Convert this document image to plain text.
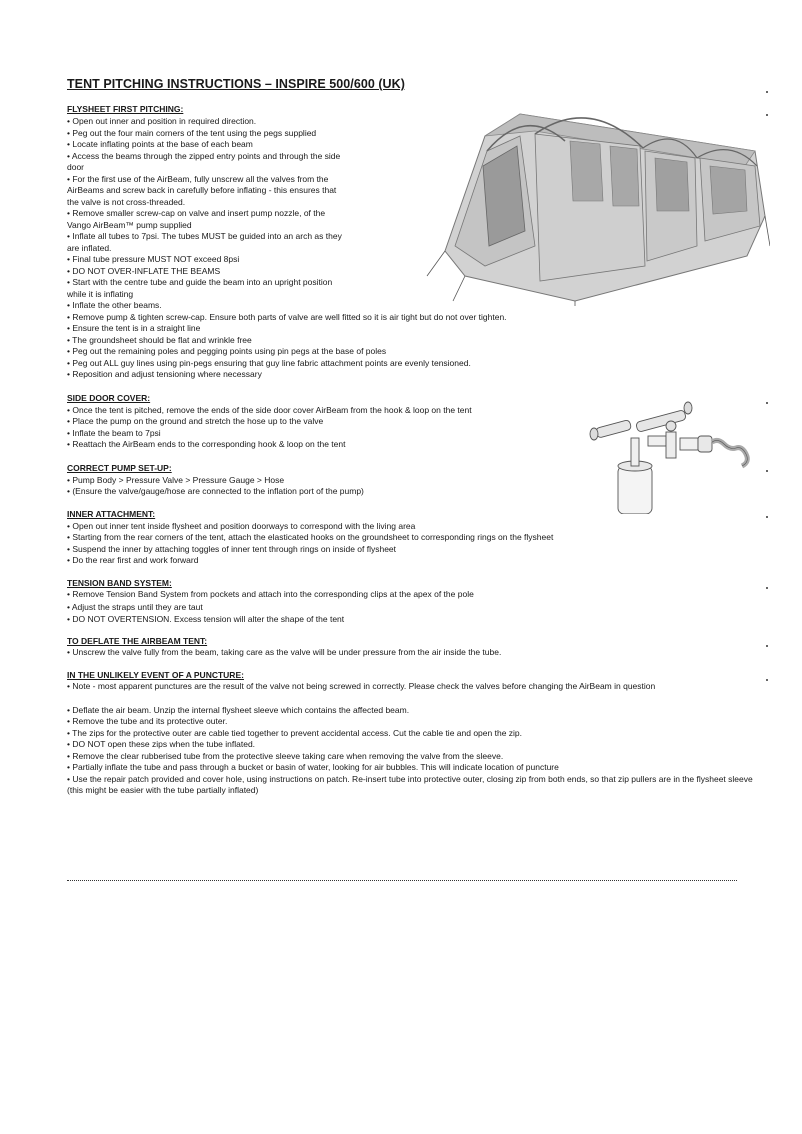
TENT PITCHING INSTRUCTIONS – INSPIRE 500/600 (UK)
FLYSHEET FIRST PITCHING:
• Open out inner and position in required direction.
• Peg out the four main corners of the tent using the pegs supplied
• Locate inflating points at the base of each beam
• Access the beams through the zipped entry points and through the side
door
• For the first use of the AirBeam, fully unscrew all the valves from the
AirBeams and screw back in carefully before inflating - this ensures that
the valve is not cross-threaded.
• Remove smaller screw-cap on valve and insert pump nozzle, of the
Vango AirBeam™ pump supplied
• Inflate all tubes to 7psi. The tubes MUST be guided into an arch as they
are inflated.
• Final tube pressure MUST NOT exceed 8psi
• DO NOT OVER-INFLATE THE BEAMS
• Start with the centre tube and guide the beam into an upright position
while it is inflating
• Inflate the other beams.
• Remove pump & tighten screw-cap. Ensure both parts of valve are well fitted so it is air tight but do not over tighten.
• Ensure the tent is in a straight line
• The groundsheet should be flat and wrinkle free
• Peg out the remaining poles and pegging points using pin pegs at the base of poles
• Peg out ALL guy lines using pin-pegs ensuring that guy line fabric attachment points are evenly tensioned.
• Reposition and adjust tensioning where necessary
SIDE DOOR COVER:
• Once the tent is pitched, remove the ends of the side door cover AirBeam from the hook & loop on the tent
• Place the pump on the ground and stretch the hose up to the valve
• Inflate the beam to 7psi
• Reattach the AirBeam ends to the corresponding hook & loop on the tent
CORRECT PUMP SET-UP:
• Pump Body > Pressure Valve > Pressure Gauge > Hose
• (Ensure the valve/gauge/hose are connected to the inflation port of the pump)
INNER ATTACHMENT:
• Open out inner tent inside flysheet and position doorways to correspond with the living area
• Starting from the rear corners of the tent, attach the elasticated hooks on the groundsheet to corresponding rings on the flysheet
• Suspend the inner by attaching toggles of inner tent through rings on inside of flysheet
• Do the rear first and work forward
TENSION BAND SYSTEM:
• Remove Tension Band System from pockets and attach into the corresponding clips at the apex of the pole
• Adjust the straps until they are taut
• DO NOT OVERTENSION. Excess tension will alter the shape of the tent
TO DEFLATE THE AIRBEAM TENT:
• Unscrew the valve fully from the beam, taking care as the valve will be under pressure from the air inside the tube.
IN THE UNLIKELY EVENT OF A PUNCTURE:
• Note - most apparent punctures are the result of the valve not being screwed in correctly. Please check the valves before changing the AirBeam in question
• Deflate the air beam. Unzip the internal flysheet sleeve which contains the affected beam.
• Remove the tube and its protective outer.
• The zips for the protective outer are cable tied together to prevent accidental access. Cut the cable tie and open the zip.
• DO NOT open these zips when the tube inflated.
• Remove the clear rubberised tube from the protective sleeve taking care when removing the valve from the sleeve.
• Partially inflate the tube and pass through a bucket or basin of water, looking for air bubbles. This will indicate location of puncture
• Use the repair patch provided and cover hole, using instructions on patch. Re-insert tube into protective outer, closing zip from both ends, so that zip pullers are in the flysheet sleeve (this might be easier with the tube partially inflated)
